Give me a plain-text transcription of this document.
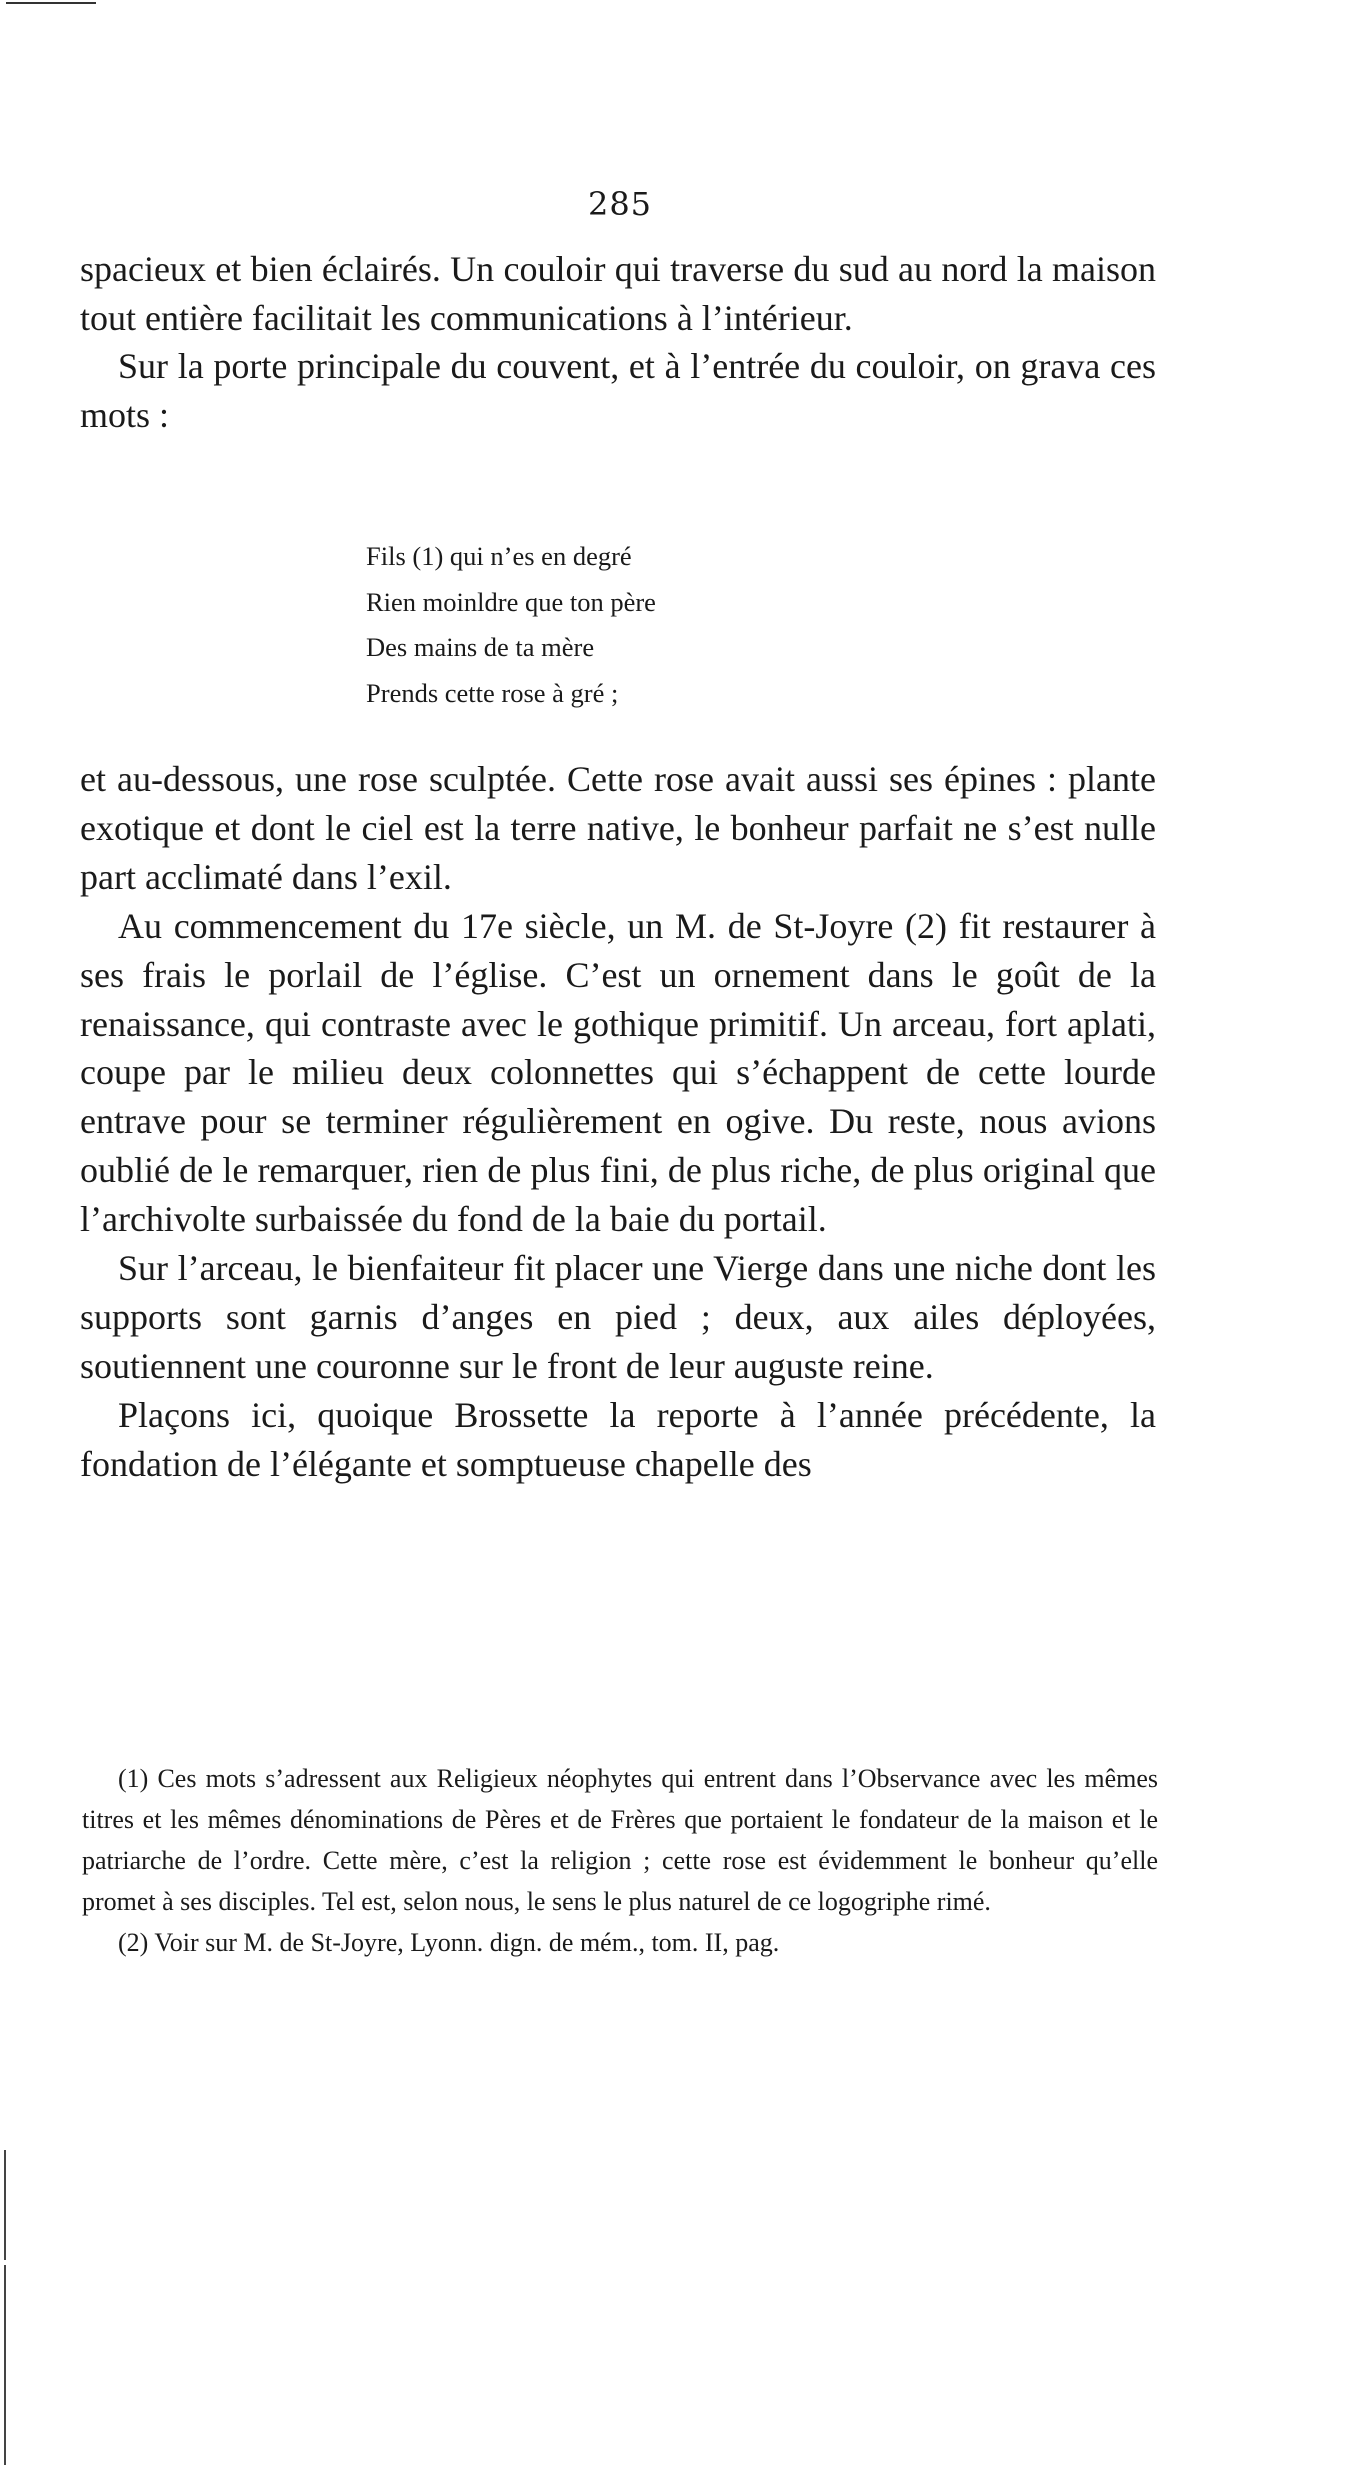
285

spacieux et bien éclairés. Un couloir qui traverse du sud au nord la maison tout entière facilitait les communications à l’intérieur.

Sur la porte principale du couvent, et à l’entrée du couloir, on grava ces mots :

Fils (1) qui n’es en degré
Rien moinldre que ton père
Des mains de ta mère
Prends cette rose à gré ;

et au-dessous, une rose sculptée. Cette rose avait aussi ses épines : plante exotique et dont le ciel est la terre native, le bonheur parfait ne s’est nulle part acclimaté dans l’exil.

Au commencement du 17e siècle, un M. de St-Joyre (2) fit restaurer à ses frais le porlail de l’église. C’est un ornement dans le goût de la renaissance, qui contraste avec le gothique primitif. Un arceau, fort aplati, coupe par le milieu deux colonnettes qui s’échappent de cette lourde entrave pour se terminer régulièrement en ogive. Du reste, nous avions oublié de le remarquer, rien de plus fini, de plus riche, de plus original que l’archivolte surbaissée du fond de la baie du portail.

Sur l’arceau, le bienfaiteur fit placer une Vierge dans une niche dont les supports sont garnis d’anges en pied ; deux, aux ailes déployées, soutiennent une couronne sur le front de leur auguste reine.

Plaçons ici, quoique Brossette la reporte à l’année précédente, la fondation de l’élégante et somptueuse chapelle des

(1) Ces mots s’adressent aux Religieux néophytes qui entrent dans l’Observance avec les mêmes titres et les mêmes dénominations de Pères et de Frères que portaient le fondateur de la maison et le patriarche de l’ordre. Cette mère, c’est la religion ; cette rose est évidemment le bonheur qu’elle promet à ses disciples. Tel est, selon nous, le sens le plus naturel de ce logogriphe rimé.

(2) Voir sur M. de St-Joyre, Lyonn. dign. de mém., tom. II, pag.
